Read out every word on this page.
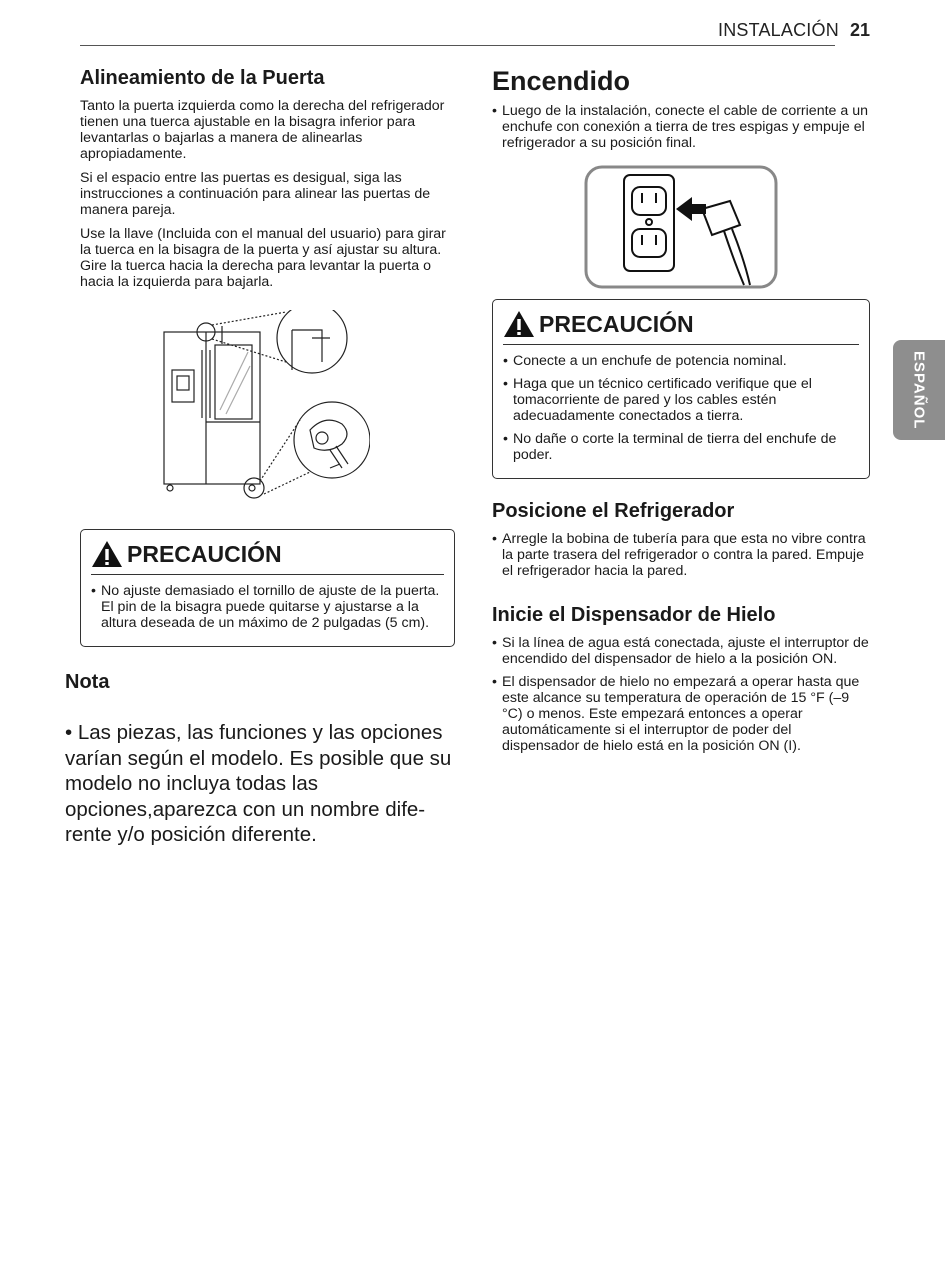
INSTALACIÓN 21
ESPAÑOL
Alineamiento de la Puerta

Tanto la puerta izquierda como la derecha del refrigerador tienen una tuerca ajustable en la bisagra inferior para levantarlas o bajarlas a manera de alinearlas apropiadamente.

Si el espacio entre las puertas es desigual, siga las instrucciones a continuación para alinear las puertas de manera pareja.

Use la llave (Incluida con el manual del usuario) para girar la tuerca en la bisagra de la puerta y así ajustar su altura. Gire la tuerca hacia la derecha para levantar la puerta o hacia la izquierda para bajarla.

PRECAUCIÓN
• No ajuste demasiado el tornillo de ajuste de la puerta. El pin de la bisagra puede quitarse y ajustarse a la altura deseada de un máximo de 2 pulgadas (5 cm).
Nota

• Las piezas, las funciones y las opciones varían según el modelo. Es posible que su modelo no incluya todas las opciones,aparezca con un nombre dife-rente y/o posición diferente.

Encendido
• Luego de la instalación, conecte el cable de corriente a un enchufe con conexión a tierra de tres espigas y empuje el refrigerador a su posición final.
PRECAUCIÓN
• Conecte a un enchufe de potencia nominal.
• Haga que un técnico certificado verifique que el tomacorriente de pared y los cables estén adecuadamente conectados a tierra.
• No dañe o corte la terminal de tierra del enchufe de poder.
Posicione el Refrigerador
• Arregle la bobina de tubería para que esta no vibre contra la parte trasera del refrigerador o contra la pared. Empuje el refrigerador hacia la pared.
Inicie el Dispensador de Hielo
• Si la línea de agua está conectada, ajuste el interruptor de encendido del dispensador de hielo a la posición ON.
• El dispensador de hielo no empezará a operar hasta que este alcance su temperatura de operación de 15 °F (–9 °C) o menos. Este empezará entonces a operar automáticamente si el interruptor de poder del dispensador de hielo está en la posición ON (I).
